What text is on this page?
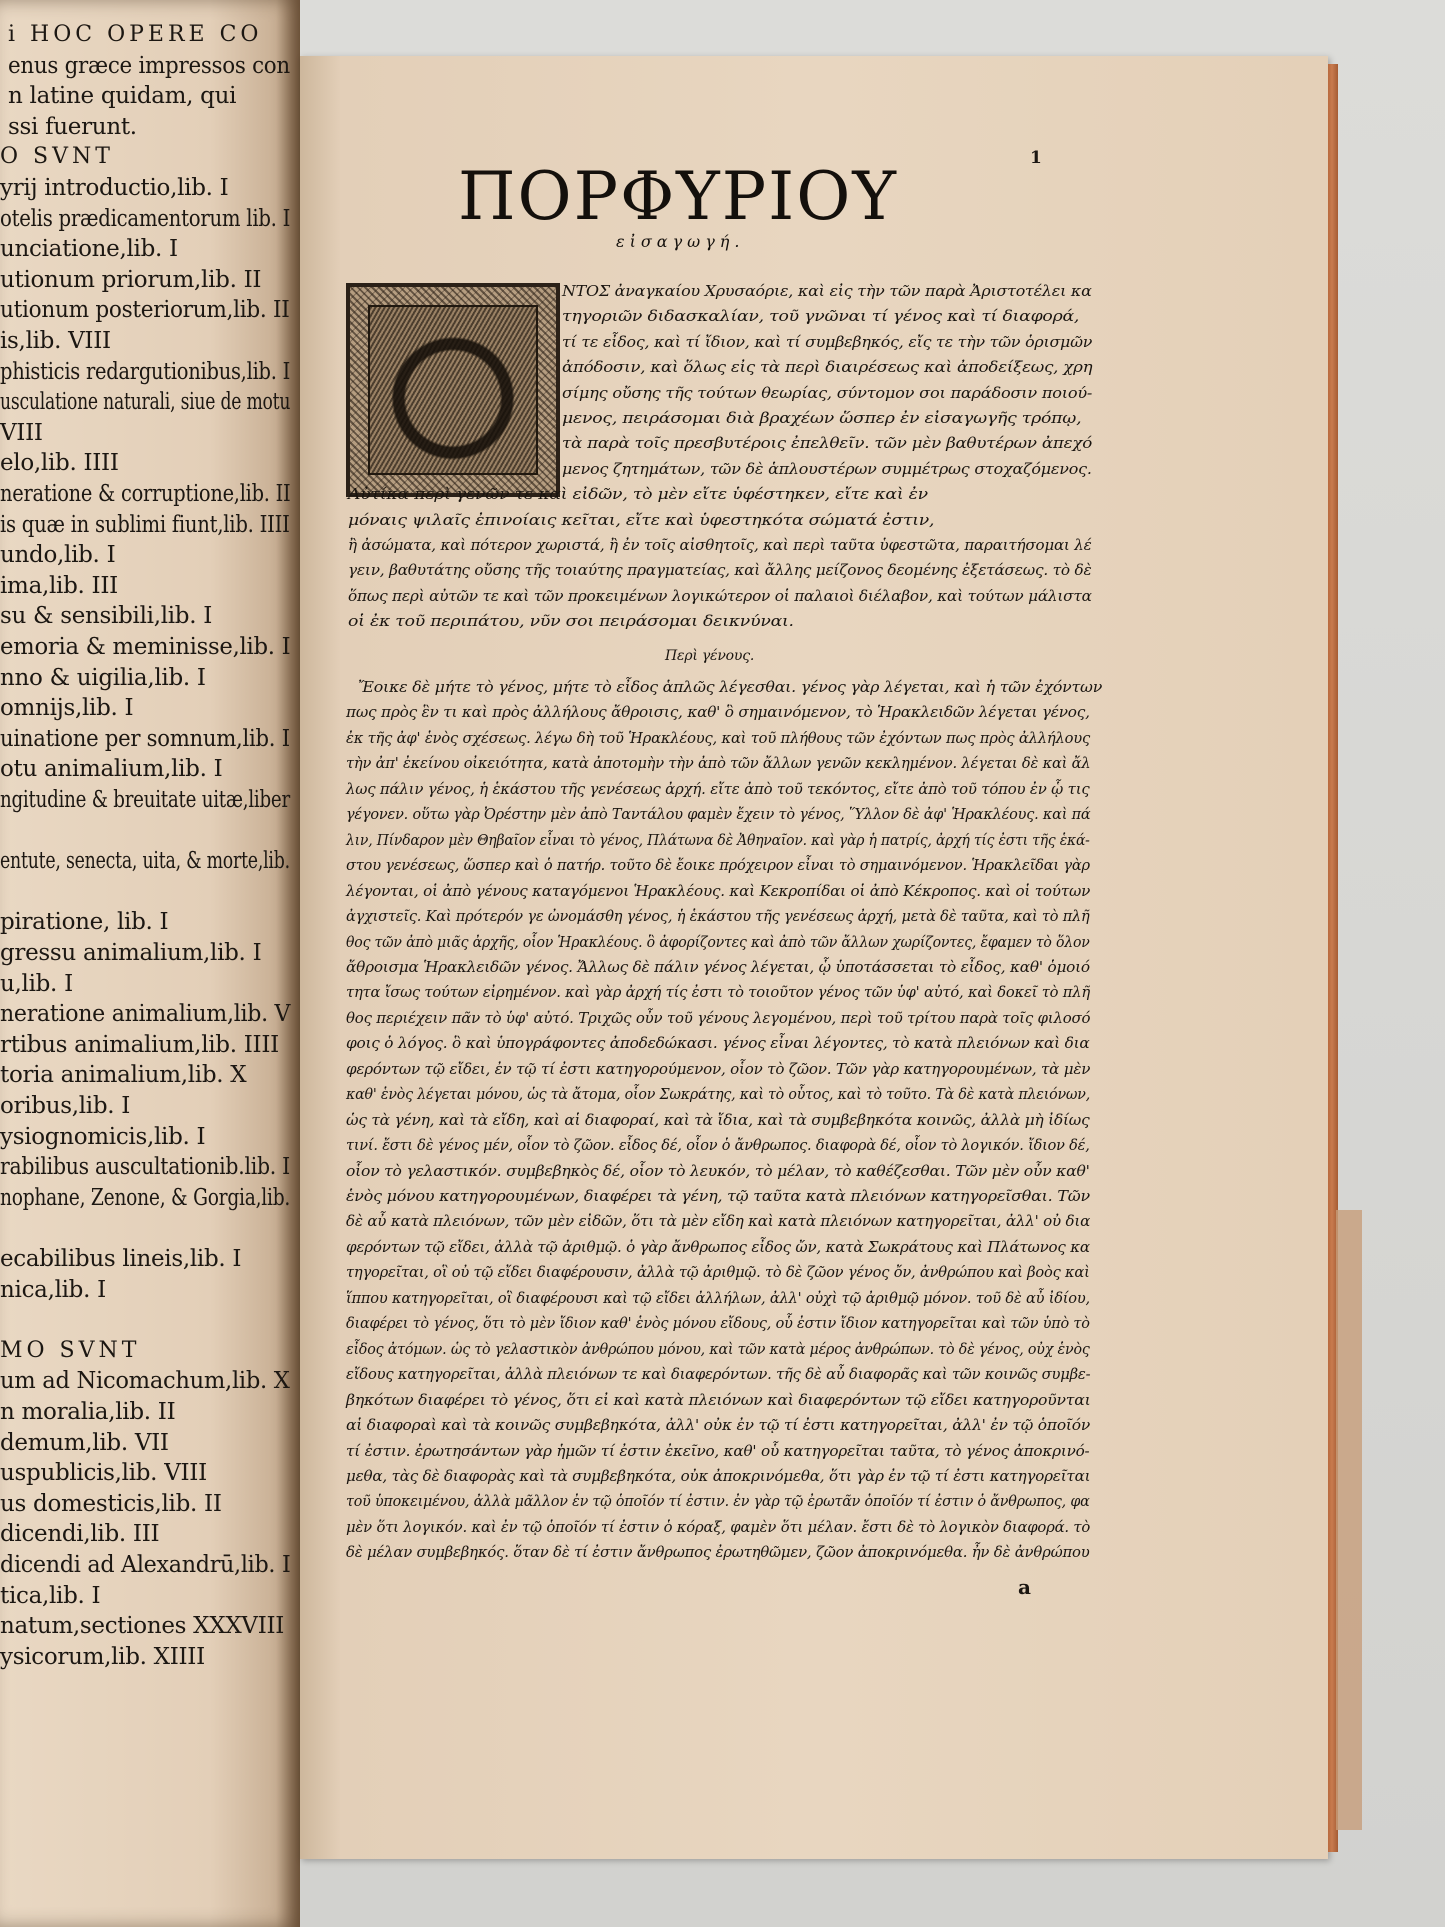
i HOC OPERE CO
enus græce impressos con
n latine quidam, qui
ssi fuerunt.
O SVNT
yrij introductio,lib. I
otelis prædicamentorum lib. I
unciatione,lib. I
utionum priorum,lib. II
utionum posteriorum,lib. II
is,lib. VIII
phisticis redargutionibus,lib. I
usculatione naturali, siue de motu
VIII
elo,lib. IIII
neratione & corruptione,lib. II
is quæ in sublimi fiunt,lib. IIII
undo,lib. I
ima,lib. III
su & sensibili,lib. I
emoria & meminisse,lib. I
nno & uigilia,lib. I
omnijs,lib. I
uinatione per somnum,lib. I
otu animalium,lib. I
ngitudine & breuitate uitæ,liber
entute, senecta, uita, & morte,lib.
piratione, lib. I
gressu animalium,lib. I
u,lib. I
neratione animalium,lib. V
rtibus animalium,lib. IIII
toria animalium,lib. X
oribus,lib. I
ysiognomicis,lib. I
rabilibus auscultationib.lib. I
nophane, Zenone, & Gorgia,lib.
ecabilibus lineis,lib. I
nica,lib. I
MO SVNT
um ad Nicomachum,lib. X
n moralia,lib. II
demum,lib. VII
uspublicis,lib. VIII
us domesticis,lib. II
dicendi,lib. III
dicendi ad Alexandrū,lib. I
tica,lib. I
natum,sectiones XXXVIII
ysicorum,lib. XIIII
1
ΠΟΡΦΥΡΙΟΥ
εἰσαγωγή.
ΝΤΟΣ ἀναγκαίου Χρυσαόριε, καὶ εἰς τὴν τῶν παρὰ Ἀριστοτέλει κα
τηγοριῶν διδασκαλίαν, τοῦ γνῶναι τί γένος καὶ τί διαφορά,
τί τε εἶδος, καὶ τί ἴδιον, καὶ τί συμβεβηκός, εἴς τε τὴν τῶν ὁρισμῶν
ἀπόδοσιν, καὶ ὅλως εἰς τὰ περὶ διαιρέσεως καὶ ἀποδείξεως, χρη
σίμης οὔσης τῆς τούτων θεωρίας, σύντομον σοι παράδοσιν ποιού-
μενος, πειράσομαι διὰ βραχέων ὥσπερ ἐν εἰσαγωγῆς τρόπῳ,
τὰ παρὰ τοῖς πρεσβυτέροις ἐπελθεῖν. τῶν μὲν βαθυτέρων ἀπεχό
μενος ζητημάτων, τῶν δὲ ἁπλουστέρων συμμέτρως στοχαζόμενος.
Αὐτίκα περὶ γενῶν τε καὶ εἰδῶν, τὸ μὲν εἴτε ὑφέστηκεν, εἴτε καὶ ἐν
μόναις ψιλαῖς ἐπινοίαις κεῖται, εἴτε καὶ ὑφεστηκότα σώματά ἐστιν,
ἢ ἀσώματα, καὶ πότερον χωριστά, ἢ ἐν τοῖς αἰσθητοῖς, καὶ περὶ ταῦτα ὑφεστῶτα, παραιτήσομαι λέ
γειν, βαθυτάτης οὔσης τῆς τοιαύτης πραγματείας, καὶ ἄλλης μείζονος δεομένης ἐξετάσεως. τὸ δὲ
ὅπως περὶ αὐτῶν τε καὶ τῶν προκειμένων λογικώτερον οἱ παλαιοὶ διέλαβον, καὶ τούτων μάλιστα
οἱ ἐκ τοῦ περιπάτου, νῦν σοι πειράσομαι δεικνύναι.
Περὶ γένους.
Ἔοικε δὲ μήτε τὸ γένος, μήτε τὸ εἶδος ἁπλῶς λέγεσθαι. γένος γὰρ λέγεται, καὶ ἡ τῶν ἐχόντων
πως πρὸς ἓν τι καὶ πρὸς ἀλλήλους ἄθροισις, καθ' ὃ σημαινόμενον, τὸ Ἡρακλειδῶν λέγεται γένος,
ἐκ τῆς ἀφ' ἑνὸς σχέσεως. λέγω δὴ τοῦ Ἡρακλέους, καὶ τοῦ πλήθους τῶν ἐχόντων πως πρὸς ἀλλήλους
τὴν ἀπ' ἐκείνου οἰκειότητα, κατὰ ἀποτομὴν τὴν ἀπὸ τῶν ἄλλων γενῶν κεκλημένον. λέγεται δὲ καὶ ἄλ
λως πάλιν γένος, ἡ ἑκάστου τῆς γενέσεως ἀρχή. εἴτε ἀπὸ τοῦ τεκόντος, εἴτε ἀπὸ τοῦ τόπου ἐν ᾧ τις
γέγονεν. οὕτω γὰρ Ὀρέστην μὲν ἀπὸ Ταντάλου φαμὲν ἔχειν τὸ γένος, Ὕλλον δὲ ἀφ' Ἡρακλέους. καὶ πά
λιν, Πίνδαρον μὲν Θηβαῖον εἶναι τὸ γένος, Πλάτωνα δὲ Ἀθηναῖον. καὶ γὰρ ἡ πατρίς, ἀρχή τίς ἐστι τῆς ἑκά-
στου γενέσεως, ὥσπερ καὶ ὁ πατήρ. τοῦτο δὲ ἔοικε πρόχειρον εἶναι τὸ σημαινόμενον. Ἡρακλεῖδαι γὰρ
λέγονται, οἱ ἀπὸ γένους καταγόμενοι Ἡρακλέους. καὶ Κεκροπίδαι οἱ ἀπὸ Κέκροπος. καὶ οἱ τούτων
ἀγχιστεῖς. Καὶ πρότερόν γε ὠνομάσθη γένος, ἡ ἑκάστου τῆς γενέσεως ἀρχή, μετὰ δὲ ταῦτα, καὶ τὸ πλῆ
θος τῶν ἀπὸ μιᾶς ἀρχῆς, οἷον Ἡρακλέους. ὃ ἀφορίζοντες καὶ ἀπὸ τῶν ἄλλων χωρίζοντες, ἔφαμεν τὸ ὅλον
ἄθροισμα Ἡρακλειδῶν γένος. Ἄλλως δὲ πάλιν γένος λέγεται, ᾧ ὑποτάσσεται τὸ εἶδος, καθ' ὁμοιό
τητα ἴσως τούτων εἰρημένον. καὶ γὰρ ἀρχή τίς ἐστι τὸ τοιοῦτον γένος τῶν ὑφ' αὐτό, καὶ δοκεῖ τὸ πλῆ
θος περιέχειν πᾶν τὸ ὑφ' αὐτό. Τριχῶς οὖν τοῦ γένους λεγομένου, περὶ τοῦ τρίτου παρὰ τοῖς φιλοσό
φοις ὁ λόγος. ὃ καὶ ὑπογράφοντες ἀποδεδώκασι. γένος εἶναι λέγοντες, τὸ κατὰ πλειόνων καὶ δια
φερόντων τῷ εἴδει, ἐν τῷ τί ἐστι κατηγορούμενον, οἷον τὸ ζῶον. Τῶν γὰρ κατηγορουμένων, τὰ μὲν
καθ' ἑνὸς λέγεται μόνου, ὡς τὰ ἄτομα, οἷον Σωκράτης, καὶ τὸ οὗτος, καὶ τὸ τοῦτο. Τὰ δὲ κατὰ πλειόνων,
ὡς τὰ γένη, καὶ τὰ εἴδη, καὶ αἱ διαφοραί, καὶ τὰ ἴδια, καὶ τὰ συμβεβηκότα κοινῶς, ἀλλὰ μὴ ἰδίως
τινί. ἔστι δὲ γένος μέν, οἷον τὸ ζῶον. εἶδος δέ, οἷον ὁ ἄνθρωπος. διαφορὰ δέ, οἷον τὸ λογικόν. ἴδιον δέ,
οἷον τὸ γελαστικόν. συμβεβηκὸς δέ, οἷον τὸ λευκόν, τὸ μέλαν, τὸ καθέζεσθαι. Τῶν μὲν οὖν καθ'
ἑνὸς μόνου κατηγορουμένων, διαφέρει τὰ γένη, τῷ ταῦτα κατὰ πλειόνων κατηγορεῖσθαι. Τῶν
δὲ αὖ κατὰ πλειόνων, τῶν μὲν εἰδῶν, ὅτι τὰ μὲν εἴδη καὶ κατὰ πλειόνων κατηγορεῖται, ἀλλ' οὐ δια
φερόντων τῷ εἴδει, ἀλλὰ τῷ ἀριθμῷ. ὁ γὰρ ἄνθρωπος εἶδος ὤν, κατὰ Σωκράτους καὶ Πλάτωνος κα
τηγορεῖται, οἳ οὐ τῷ εἴδει διαφέρουσιν, ἀλλὰ τῷ ἀριθμῷ. τὸ δὲ ζῶον γένος ὄν, ἀνθρώπου καὶ βοὸς καὶ
ἵππου κατηγορεῖται, οἳ διαφέρουσι καὶ τῷ εἴδει ἀλλήλων, ἀλλ' οὐχὶ τῷ ἀριθμῷ μόνον. τοῦ δὲ αὖ ἰδίου,
διαφέρει τὸ γένος, ὅτι τὸ μὲν ἴδιον καθ' ἑνὸς μόνου εἴδους, οὗ ἐστιν ἴδιον κατηγορεῖται καὶ τῶν ὑπὸ τὸ
εἶδος ἀτόμων. ὡς τὸ γελαστικὸν ἀνθρώπου μόνου, καὶ τῶν κατὰ μέρος ἀνθρώπων. τὸ δὲ γένος, οὐχ ἑνὸς
εἴδους κατηγορεῖται, ἀλλὰ πλειόνων τε καὶ διαφερόντων. τῆς δὲ αὖ διαφορᾶς καὶ τῶν κοινῶς συμβε-
βηκότων διαφέρει τὸ γένος, ὅτι εἰ καὶ κατὰ πλειόνων καὶ διαφερόντων τῷ εἴδει κατηγοροῦνται
αἱ διαφοραὶ καὶ τὰ κοινῶς συμβεβηκότα, ἀλλ' οὐκ ἐν τῷ τί ἐστι κατηγορεῖται, ἀλλ' ἐν τῷ ὁποῖόν
τί ἐστιν. ἐρωτησάντων γὰρ ἡμῶν τί ἐστιν ἐκεῖνο, καθ' οὗ κατηγορεῖται ταῦτα, τὸ γένος ἀποκρινό-
μεθα, τὰς δὲ διαφορὰς καὶ τὰ συμβεβηκότα, οὐκ ἀποκρινόμεθα, ὅτι γὰρ ἐν τῷ τί ἐστι κατηγορεῖται
τοῦ ὑποκειμένου, ἀλλὰ μᾶλλον ἐν τῷ ὁποῖόν τί ἐστιν. ἐν γὰρ τῷ ἐρωτᾶν ὁποῖόν τί ἐστιν ὁ ἄνθρωπος, φα
μὲν ὅτι λογικόν. καὶ ἐν τῷ ὁποῖόν τί ἐστιν ὁ κόραξ, φαμὲν ὅτι μέλαν. ἔστι δὲ τὸ λογικὸν διαφορά. τὸ
δὲ μέλαν συμβεβηκός. ὅταν δὲ τί ἐστιν ἄνθρωπος ἐρωτηθῶμεν, ζῶον ἀποκρινόμεθα. ἦν δὲ ἀνθρώπου
a
